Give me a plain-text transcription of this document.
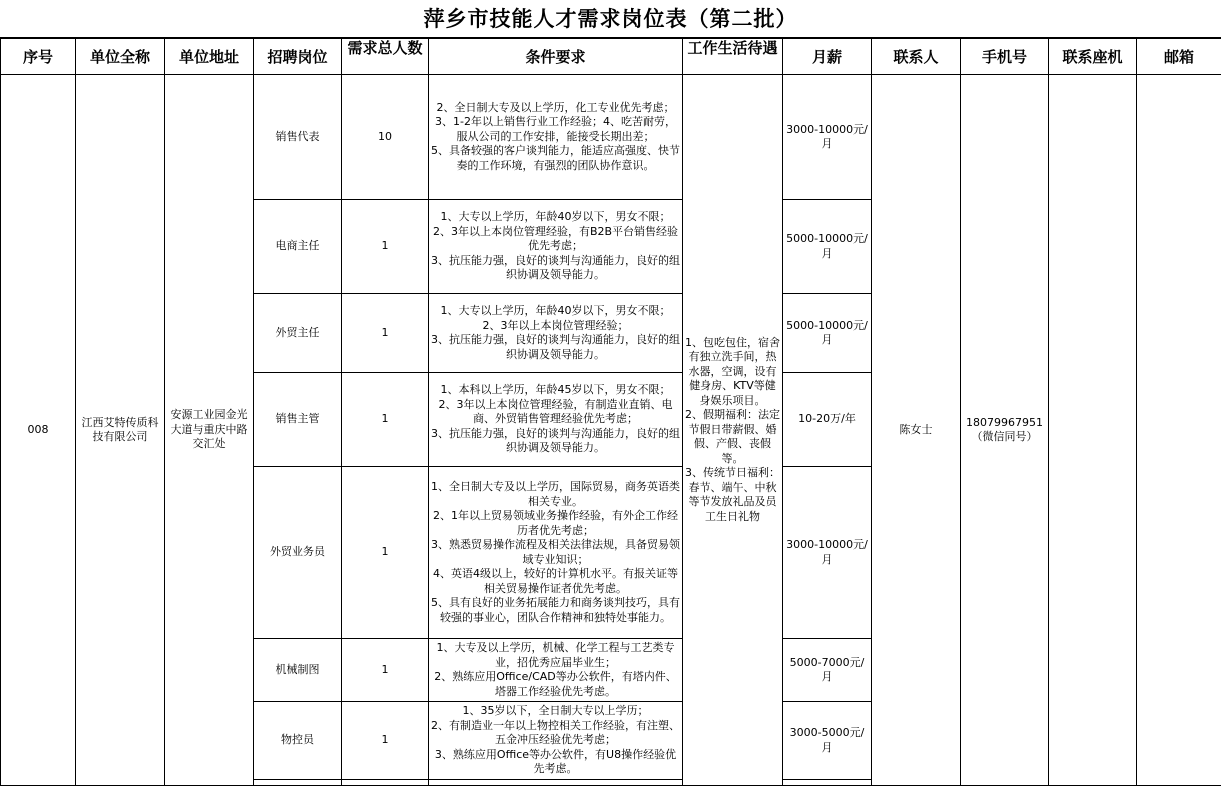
萍乡市技能人才需求岗位表（第二批）
序号	单位全称	单位地址	招聘岗位	需求总人数	条件要求	工作生活待遇	月薪	联系人	手机号	联系座机	邮箱
008	江西艾特传质科技有限公司	安源工业园金光大道与重庆中路交汇处	销售代表	10	2、全日制大专及以上学历，化工专业优先考虑；
3、1-2年以上销售行业工作经验；4、吃苦耐劳，服从公司的工作安排，能接受长期出差；
5、具备较强的客户谈判能力，能适应高强度、快节奏的工作环境，有强烈的团队协作意识。	1、包吃包住，宿舍有独立洗手间，热水器，空调，设有健身房、KTV等健身娱乐项目。
2、假期福利：法定节假日带薪假、婚假、产假、丧假等。
3、传统节日福利：春节、端午、中秋等节发放礼品及员工生日礼物	3000-10000元/月	陈女士	18079967951
（微信同号）		
			电商主任	1	1、大专以上学历，年龄40岁以下，男女不限；
2、3年以上本岗位管理经验，有B2B平台销售经验优先考虑；
3、抗压能力强，良好的谈判与沟通能力，良好的组织协调及领导能力。		5000-10000元/月				
			外贸主任	1	1、大专以上学历，年龄40岁以下，男女不限；
2、3年以上本岗位管理经验；
3、抗压能力强，良好的谈判与沟通能力，良好的组织协调及领导能力。		5000-10000元/月				
			销售主管	1	1、本科以上学历，年龄45岁以下，男女不限；
2、3年以上本岗位管理经验，有制造业直销、电商、外贸销售管理经验优先考虑；
3、抗压能力强，良好的谈判与沟通能力，良好的组织协调及领导能力。		10-20万/年				
			外贸业务员	1	1、全日制大专及以上学历，国际贸易，商务英语类相关专业。
2、1年以上贸易领域业务操作经验，有外企工作经历者优先考虑；
3、熟悉贸易操作流程及相关法律法规，具备贸易领域专业知识；
4、英语4级以上，较好的计算机水平。有报关证等相关贸易操作证者优先考虑。
5、具有良好的业务拓展能力和商务谈判技巧，具有较强的事业心，团队合作精神和独特处事能力。		3000-10000元/月				
			机械制图	1	1、大专及以上学历，机械、化学工程与工艺类专业，招优秀应届毕业生；
2、熟练应用Office/CAD等办公软件，有塔内件、塔器工作经验优先考虑。		5000-7000元/月				
			物控员	1	1、35岁以下，全日制大专以上学历；
2、有制造业一年以上物控相关工作经验，有注塑、五金冲压经验优先考虑；
3、熟练应用Office等办公软件，有U8操作经验优先考虑。		3000-5000元/月				
